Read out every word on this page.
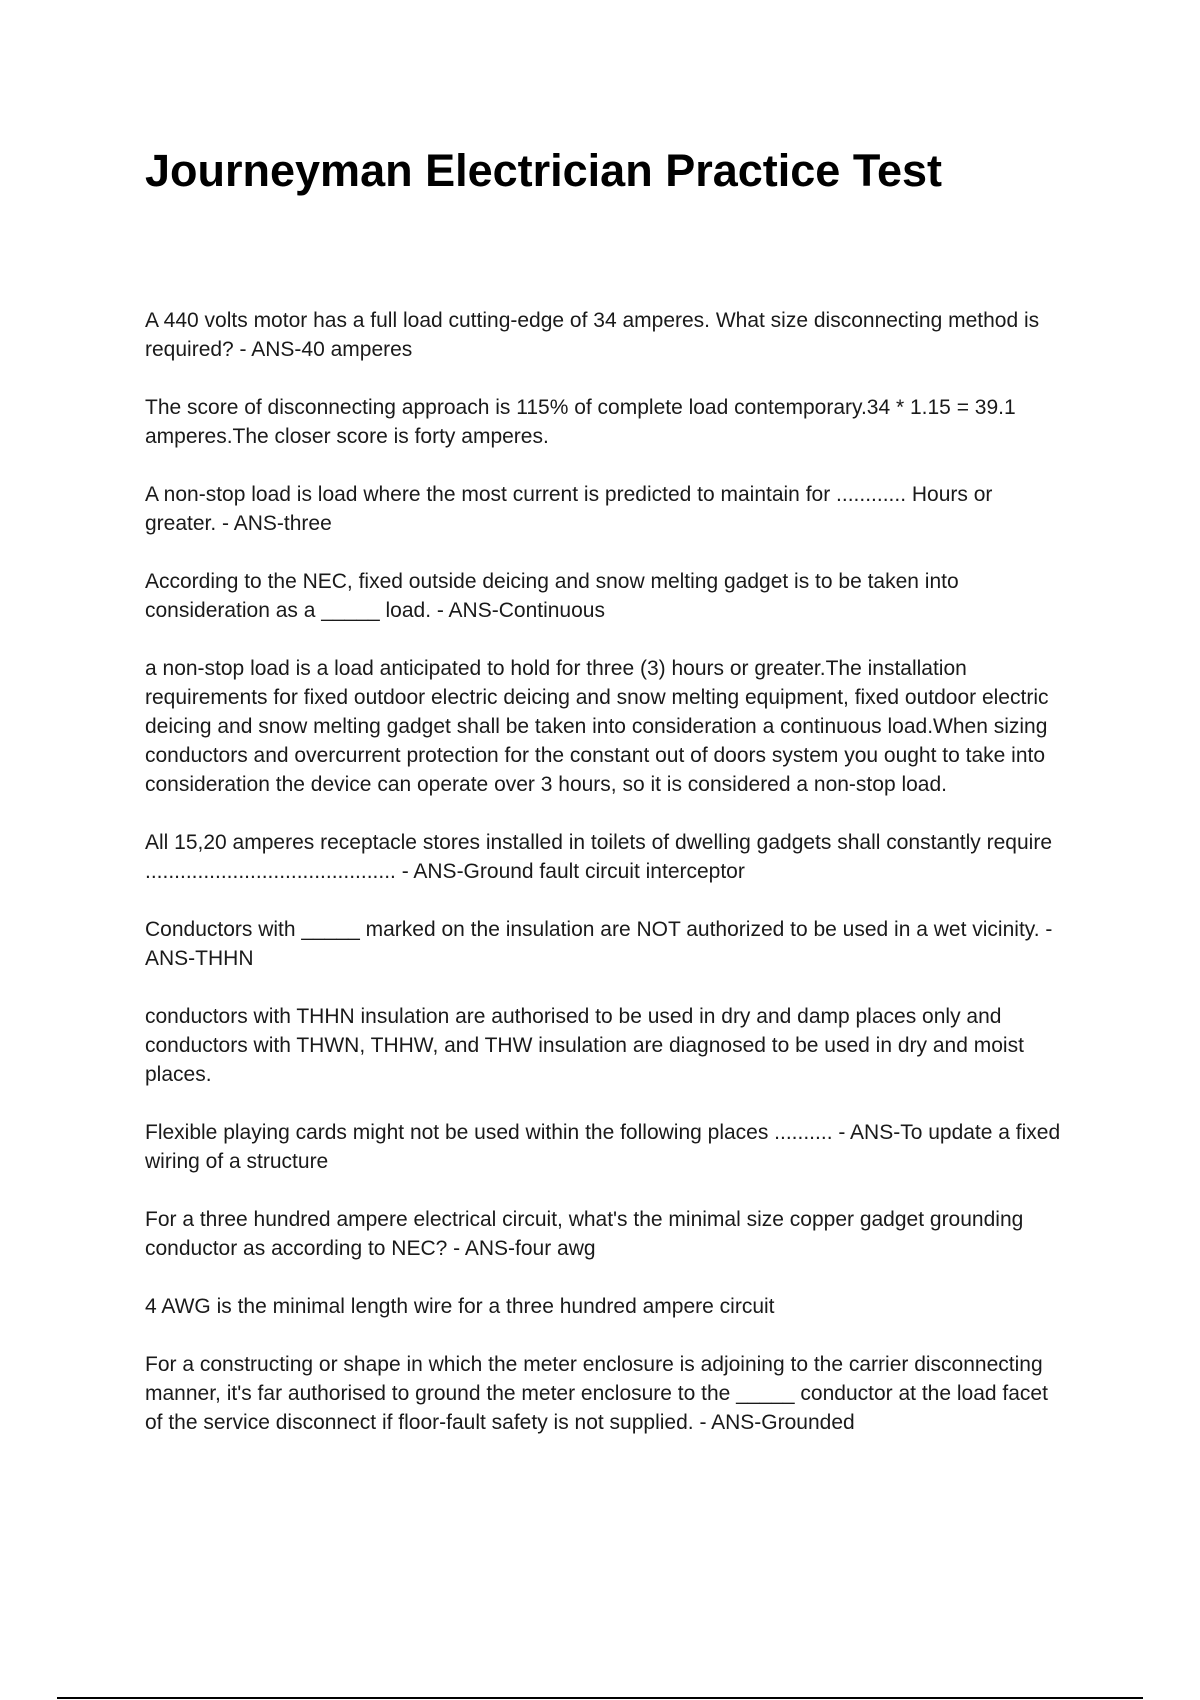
Journeyman Electrician Practice Test

A 440 volts motor has a full load cutting-edge of 34 amperes. What size disconnecting method is required? - ANS-40 amperes

The score of disconnecting approach is 115% of complete load contemporary.34 * 1.15 = 39.1 amperes.The closer score is forty amperes.

A non-stop load is load where the most current is predicted to maintain for ............ Hours or greater. - ANS-three

According to the NEC, fixed outside deicing and snow melting gadget is to be taken into consideration as a _____ load. - ANS-Continuous

a non-stop load is a load anticipated to hold for three (3) hours or greater.The installation requirements for fixed outdoor electric deicing and snow melting equipment, fixed outdoor electric deicing and snow melting gadget shall be taken into consideration a continuous load.When sizing conductors and overcurrent protection for the constant out of doors system you ought to take into consideration the device can operate over 3 hours, so it is considered a non-stop load.

All 15,20 amperes receptacle stores installed in toilets of dwelling gadgets shall constantly require ........................................... - ANS-Ground fault circuit interceptor

Conductors with _____ marked on the insulation are NOT authorized to be used in a wet vicinity. - ANS-THHN

conductors with THHN insulation are authorised to be used in dry and damp places only and conductors with THWN, THHW, and THW insulation are diagnosed to be used in dry and moist places.

Flexible playing cards might not be used within the following places .......... - ANS-To update a fixed wiring of a structure

For a three hundred ampere electrical circuit, what's the minimal size copper gadget grounding conductor as according to NEC? - ANS-four awg

4 AWG is the minimal length wire for a three hundred ampere circuit

For a constructing or shape in which the meter enclosure is adjoining to the carrier disconnecting manner, it's far authorised to ground the meter enclosure to the _____ conductor at the load facet of the service disconnect if floor-fault safety is not supplied. - ANS-Grounded
